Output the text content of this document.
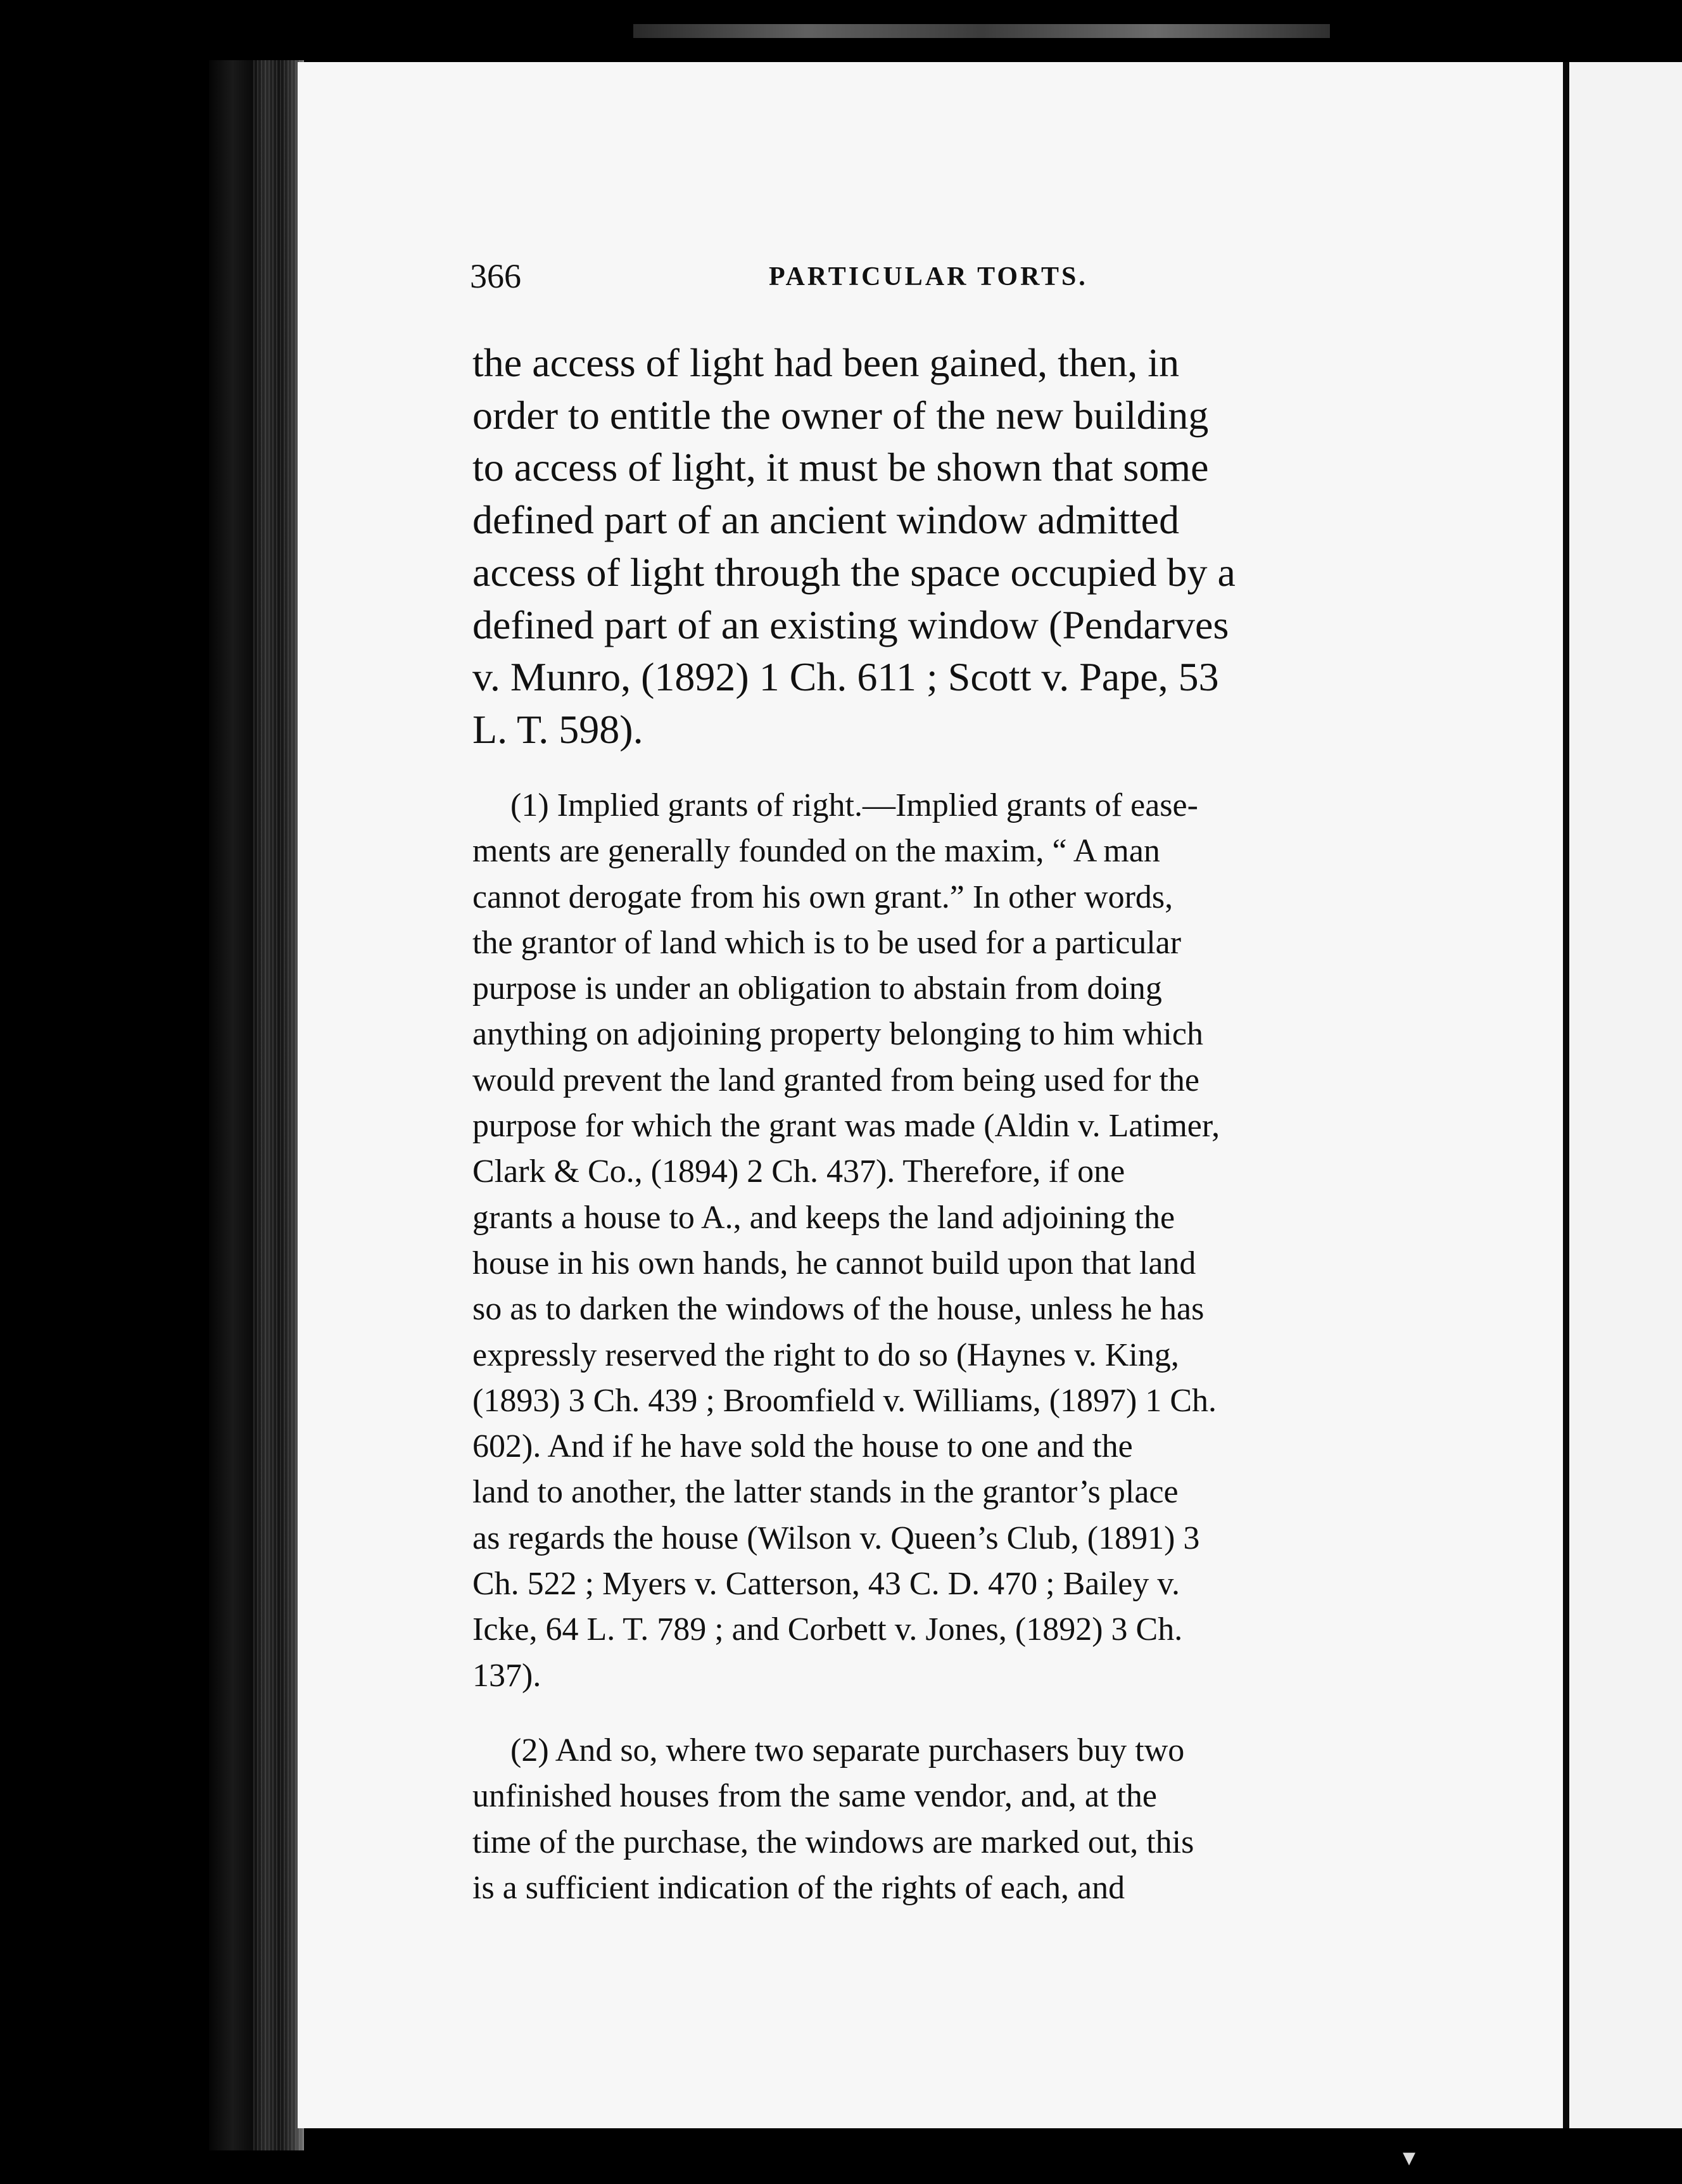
366	PARTICULAR TORTS.

the access of light had been gained, then, in
order to entitle the owner of the new building
to access of light, it must be shown that some
defined part of an ancient window admitted
access of light through the space occupied by a
defined part of an existing window (Pendarves
v. Munro, (1892) 1 Ch. 611 ; Scott v. Pape, 53
L. T. 598).

(1) Implied grants of right.—Implied grants of ease-
ments are generally founded on the maxim, “ A man
cannot derogate from his own grant.” In other words,
the grantor of land which is to be used for a particular
purpose is under an obligation to abstain from doing
anything on adjoining property belonging to him which
would prevent the land granted from being used for the
purpose for which the grant was made (Aldin v. Latimer,
Clark & Co., (1894) 2 Ch. 437). Therefore, if one
grants a house to A., and keeps the land adjoining the
house in his own hands, he cannot build upon that land
so as to darken the windows of the house, unless he has
expressly reserved the right to do so (Haynes v. King,
(1893) 3 Ch. 439 ; Broomfield v. Williams, (1897) 1 Ch.
602). And if he have sold the house to one and the
land to another, the latter stands in the grantor’s place
as regards the house (Wilson v. Queen’s Club, (1891) 3
Ch. 522 ; Myers v. Catterson, 43 C. D. 470 ; Bailey v.
Icke, 64 L. T. 789 ; and Corbett v. Jones, (1892) 3 Ch.
137).

(2) And so, where two separate purchasers buy two
unfinished houses from the same vendor, and, at the
time of the purchase, the windows are marked out, this
is a sufficient indication of the rights of each, and

▾
